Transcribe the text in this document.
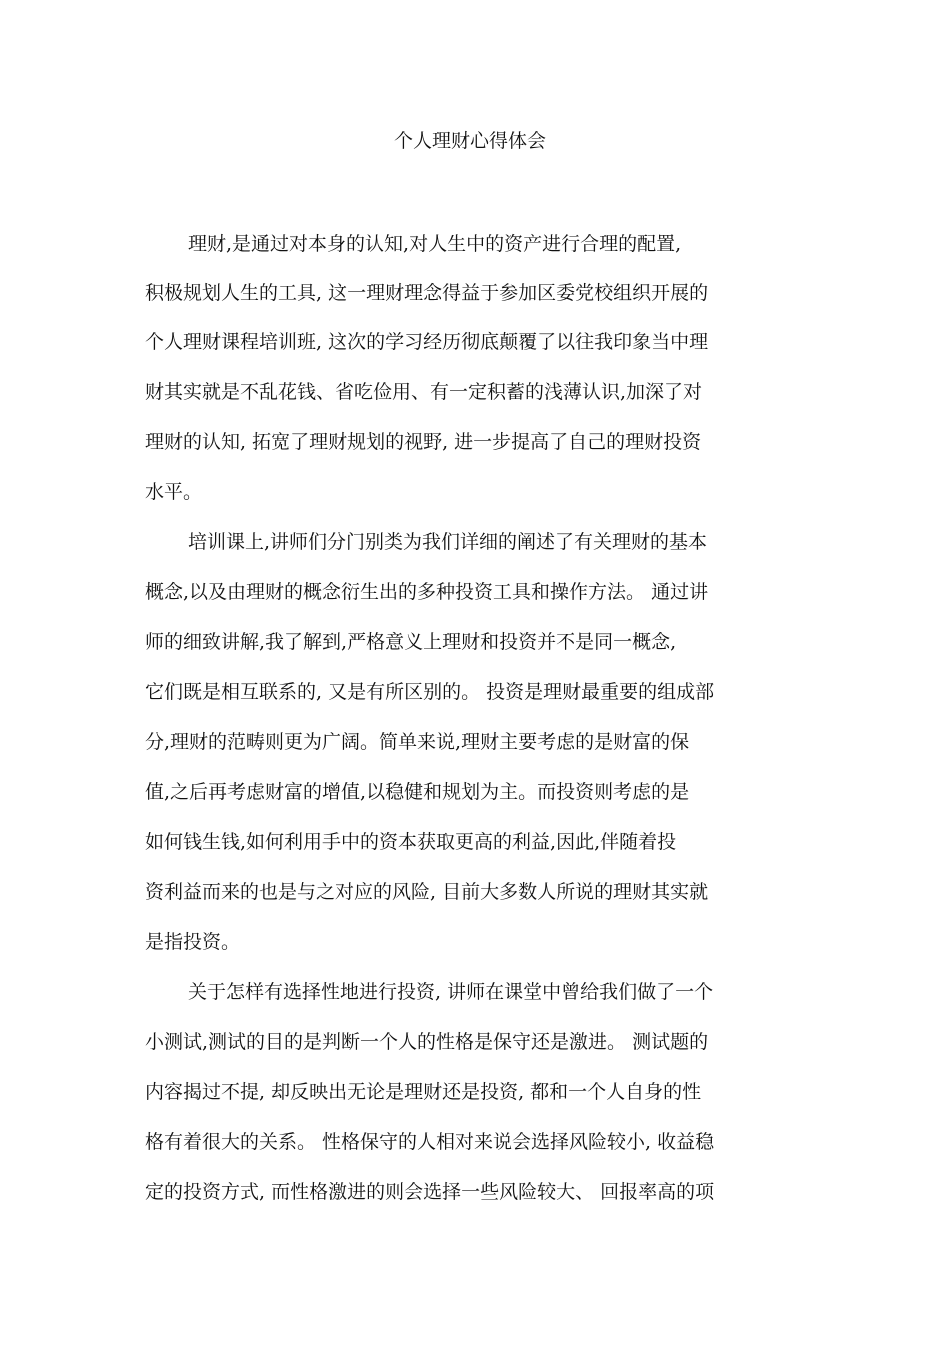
个人理财心得体会
理财,是通过对本身的认知,对人生中的资产进行合理的配置,
积极规划人生的工具, 这一理财理念得益于参加区委党校组织开展的
个人理财课程培训班, 这次的学习经历彻底颠覆了以往我印象当中理
财其实就是不乱花钱、省吃俭用、有一定积蓄的浅薄认识,加深了对
理财的认知, 拓宽了理财规划的视野, 进一步提高了自己的理财投资
水平。
培训课上,讲师们分门别类为我们详细的阐述了有关理财的基本
概念,以及由理财的概念衍生出的多种投资工具和操作方法。 通过讲
师的细致讲解,我了解到,严格意义上理财和投资并不是同一概念,
它们既是相互联系的, 又是有所区别的。 投资是理财最重要的组成部
分,理财的范畴则更为广阔。简单来说,理财主要考虑的是财富的保
值,之后再考虑财富的增值,以稳健和规划为主。而投资则考虑的是
如何钱生钱,如何利用手中的资本获取更高的利益,因此,伴随着投
资利益而来的也是与之对应的风险, 目前大多数人所说的理财其实就
是指投资。
关于怎样有选择性地进行投资, 讲师在课堂中曾给我们做了一个
小测试,测试的目的是判断一个人的性格是保守还是激进。 测试题的
内容揭过不提, 却反映出无论是理财还是投资, 都和一个人自身的性
格有着很大的关系。 性格保守的人相对来说会选择风险较小, 收益稳
定的投资方式, 而性格激进的则会选择一些风险较大、 回报率高的项
